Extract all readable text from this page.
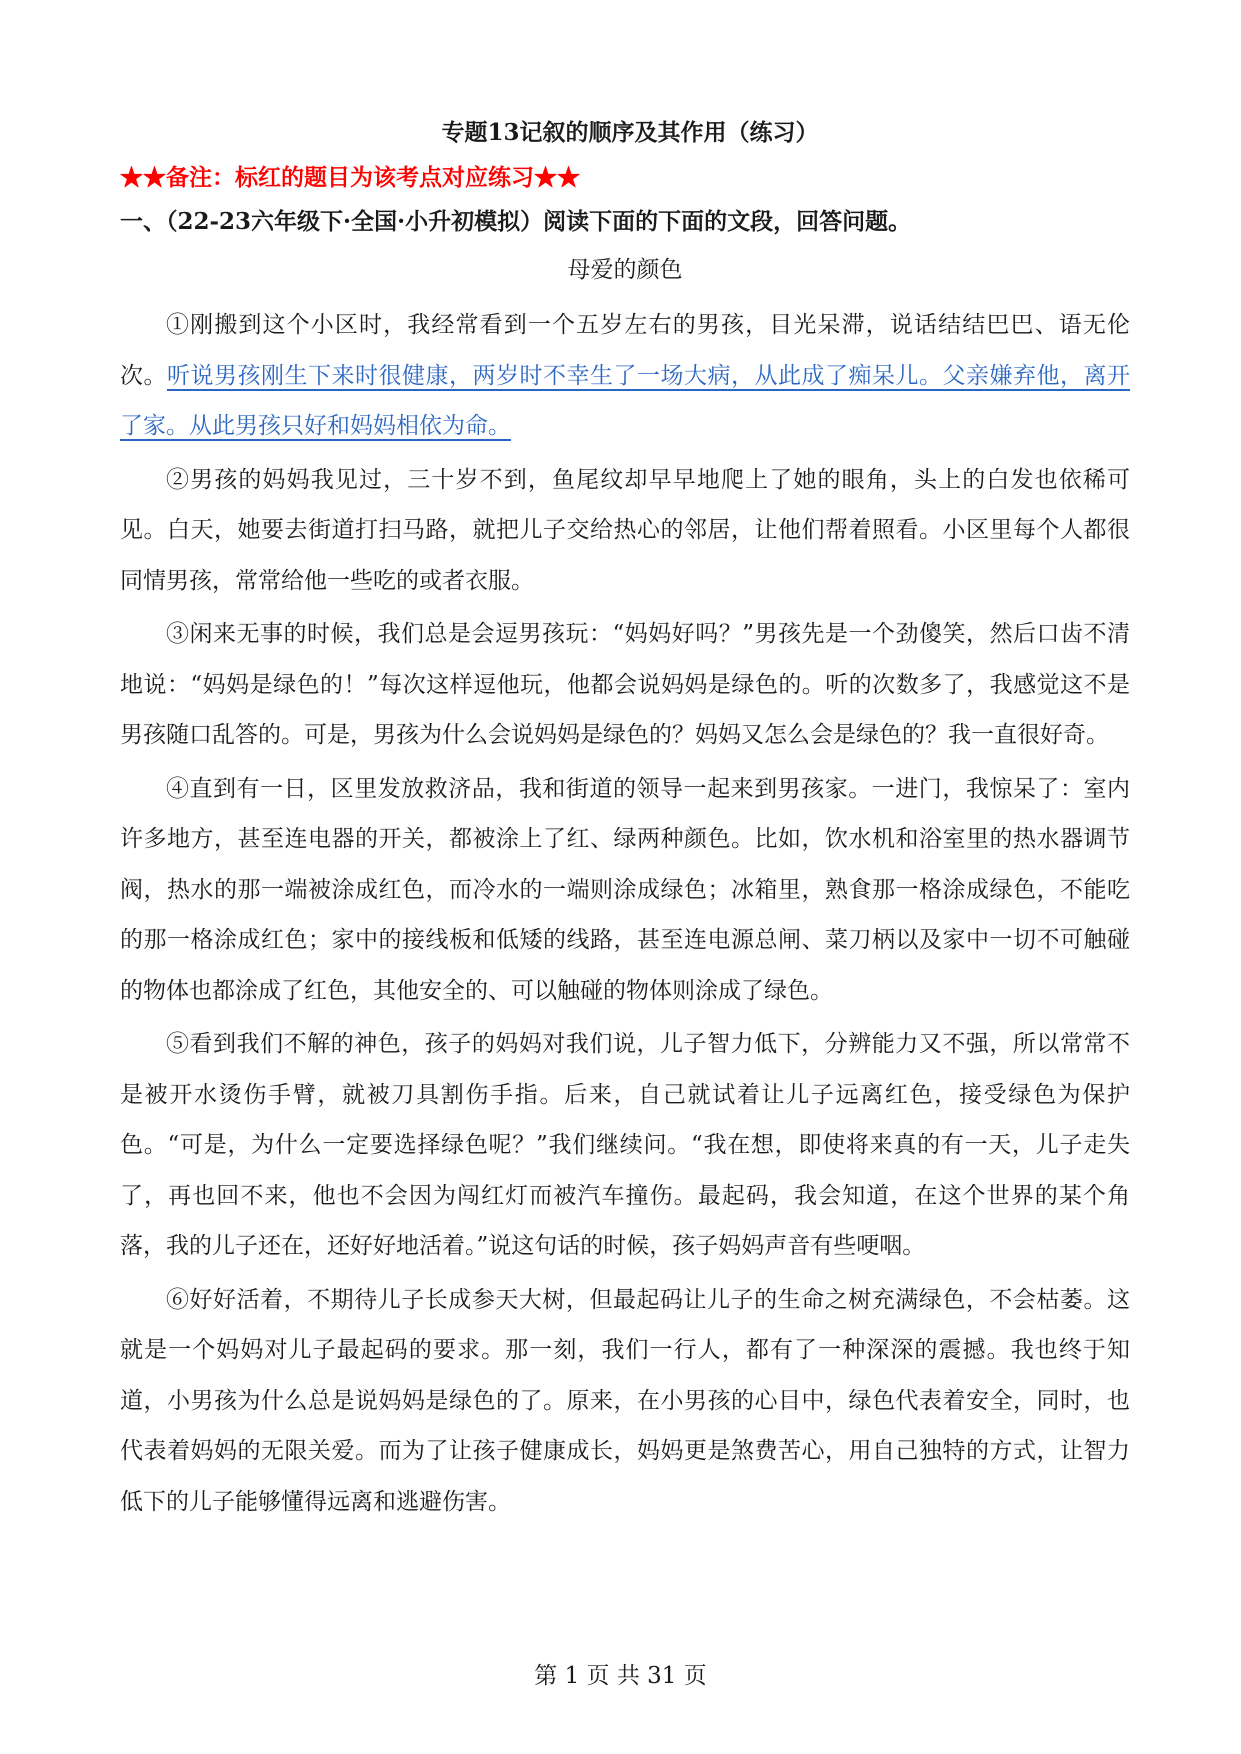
专题13记叙的顺序及其作用（练习）
★★备注：标红的题目为该考点对应练习★★
一、（22-23六年级下·全国·小升初模拟）阅读下面的下面的文段，回答问题。
母爱的颜色

①刚搬到这个小区时，我经常看到一个五岁左右的男孩，目光呆滞，说话结结巴巴、语无伦次。听说男孩刚生下来时很健康，两岁时不幸生了一场大病，从此成了痴呆儿。父亲嫌弃他，离开了家。从此男孩只好和妈妈相依为命。

②男孩的妈妈我见过，三十岁不到，鱼尾纹却早早地爬上了她的眼角，头上的白发也依稀可见。白天，她要去街道打扫马路，就把儿子交给热心的邻居，让他们帮着照看。小区里每个人都很同情男孩，常常给他一些吃的或者衣服。

③闲来无事的时候，我们总是会逗男孩玩：“妈妈好吗？”男孩先是一个劲傻笑，然后口齿不清地说：“妈妈是绿色的！”每次这样逗他玩，他都会说妈妈是绿色的。听的次数多了，我感觉这不是男孩随口乱答的。可是，男孩为什么会说妈妈是绿色的？妈妈又怎么会是绿色的？我一直很好奇。

④直到有一日，区里发放救济品，我和街道的领导一起来到男孩家。一进门，我惊呆了：室内许多地方，甚至连电器的开关，都被涂上了红、绿两种颜色。比如，饮水机和浴室里的热水器调节阀，热水的那一端被涂成红色，而冷水的一端则涂成绿色；冰箱里，熟食那一格涂成绿色，不能吃的那一格涂成红色；家中的接线板和低矮的线路，甚至连电源总闸、菜刀柄以及家中一切不可触碰的物体也都涂成了红色，其他安全的、可以触碰的物体则涂成了绿色。

⑤看到我们不解的神色，孩子的妈妈对我们说，儿子智力低下，分辨能力又不强，所以常常不是被开水烫伤手臂，就被刀具割伤手指。后来，自己就试着让儿子远离红色，接受绿色为保护色。“可是，为什么一定要选择绿色呢？”我们继续问。“我在想，即使将来真的有一天，儿子走失了，再也回不来，他也不会因为闯红灯而被汽车撞伤。最起码，我会知道，在这个世界的某个角落，我的儿子还在，还好好地活着。”说这句话的时候，孩子妈妈声音有些哽咽。

⑥好好活着，不期待儿子长成参天大树，但最起码让儿子的生命之树充满绿色，不会枯萎。这就是一个妈妈对儿子最起码的要求。那一刻，我们一行人，都有了一种深深的震撼。我也终于知道，小男孩为什么总是说妈妈是绿色的了。原来，在小男孩的心目中，绿色代表着安全，同时，也代表着妈妈的无限关爱。而为了让孩子健康成长，妈妈更是煞费苦心，用自己独特的方式，让智力低下的儿子能够懂得远离和逃避伤害。

第 1 页 共 31 页
